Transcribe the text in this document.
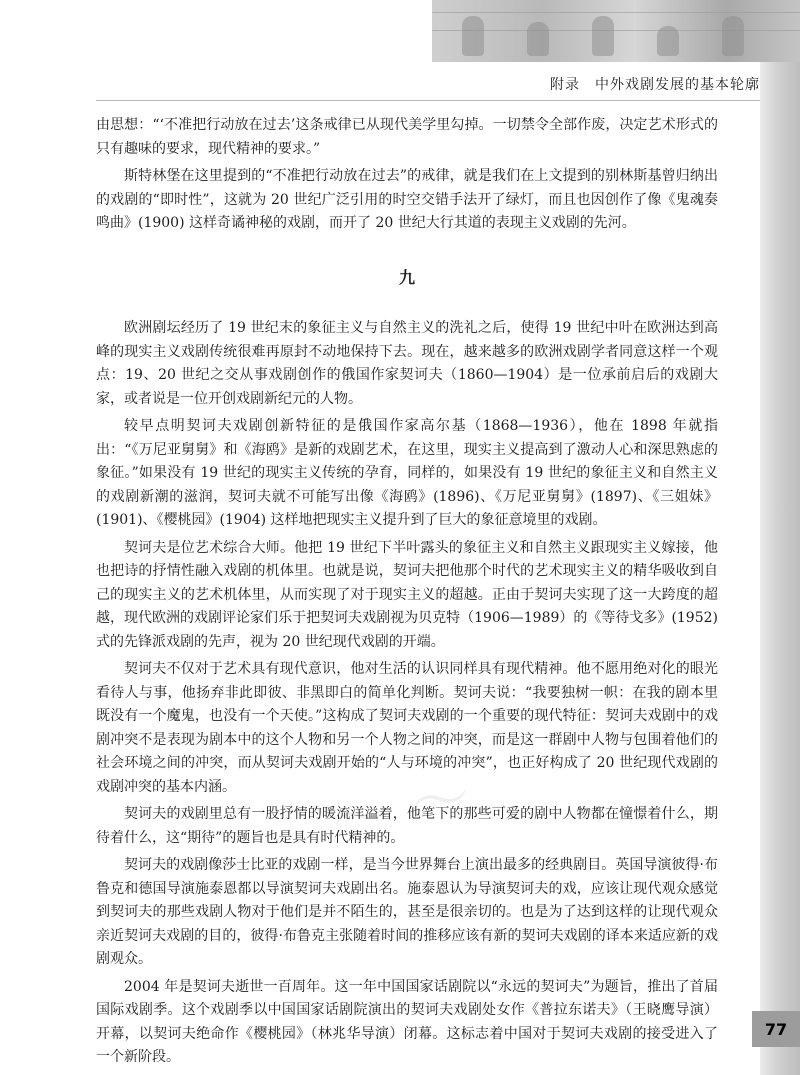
附录　中外戏剧发展的基本轮廓
〜〜

由思想：“‘不准把行动放在过去’这条戒律已从现代美学里勾掉。一切禁令全部作废，决定艺术形式的只有趣味的要求，现代精神的要求。”

斯特林堡在这里提到的“不准把行动放在过去”的戒律，就是我们在上文提到的别林斯基曾归纳出的戏剧的“即时性”，这就为 20 世纪广泛引用的时空交错手法开了绿灯，而且也因创作了像《鬼魂奏鸣曲》(1900) 这样奇谲神秘的戏剧，而开了 20 世纪大行其道的表现主义戏剧的先河。

九

欧洲剧坛经历了 19 世纪末的象征主义与自然主义的洗礼之后，使得 19 世纪中叶在欧洲达到高峰的现实主义戏剧传统很难再原封不动地保持下去。现在，越来越多的欧洲戏剧学者同意这样一个观点：19、20 世纪之交从事戏剧创作的俄国作家契诃夫（1860—1904）是一位承前启后的戏剧大家，或者说是一位开创戏剧新纪元的人物。

较早点明契诃夫戏剧创新特征的是俄国作家高尔基（1868—1936），他在 1898 年就指出：“《万尼亚舅舅》和《海鸥》是新的戏剧艺术，在这里，现实主义提高到了激动人心和深思熟虑的象征。”如果没有 19 世纪的现实主义传统的孕育，同样的，如果没有 19 世纪的象征主义和自然主义的戏剧新潮的滋润，契诃夫就不可能写出像《海鸥》(1896)、《万尼亚舅舅》(1897)、《三姐妹》(1901)、《樱桃园》(1904) 这样地把现实主义提升到了巨大的象征意境里的戏剧。

契诃夫是位艺术综合大师。他把 19 世纪下半叶露头的象征主义和自然主义跟现实主义嫁接，他也把诗的抒情性融入戏剧的机体里。也就是说，契诃夫把他那个时代的艺术现实主义的精华吸收到自己的现实主义的艺术机体里，从而实现了对于现实主义的超越。正由于契诃夫实现了这一大跨度的超越，现代欧洲的戏剧评论家们乐于把契诃夫戏剧视为贝克特（1906—1989）的《等待戈多》(1952) 式的先锋派戏剧的先声，视为 20 世纪现代戏剧的开端。

契诃夫不仅对于艺术具有现代意识，他对生活的认识同样具有现代精神。他不愿用绝对化的眼光看待人与事，他扬弃非此即彼、非黑即白的简单化判断。契诃夫说：“我要独树一帜：在我的剧本里既没有一个魔鬼，也没有一个天使。”这构成了契诃夫戏剧的一个重要的现代特征：契诃夫戏剧中的戏剧冲突不是表现为剧本中的这个人物和另一个人物之间的冲突，而是这一群剧中人物与包围着他们的社会环境之间的冲突，而从契诃夫戏剧开始的“人与环境的冲突”，也正好构成了 20 世纪现代戏剧的戏剧冲突的基本内涵。

契诃夫的戏剧里总有一股抒情的暖流洋溢着，他笔下的那些可爱的剧中人物都在憧憬着什么，期待着什么，这“期待”的题旨也是具有时代精神的。

契诃夫的戏剧像莎士比亚的戏剧一样，是当今世界舞台上演出最多的经典剧目。英国导演彼得·布鲁克和德国导演施泰恩都以导演契诃夫戏剧出名。施泰恩认为导演契诃夫的戏，应该让现代观众感觉到契诃夫的那些戏剧人物对于他们是并不陌生的，甚至是很亲切的。也是为了达到这样的让现代观众亲近契诃夫戏剧的目的，彼得·布鲁克主张随着时间的推移应该有新的契诃夫戏剧的译本来适应新的戏剧观众。

2004 年是契诃夫逝世一百周年。这一年中国国家话剧院以“永远的契诃夫”为题旨，推出了首届国际戏剧季。这个戏剧季以中国国家话剧院演出的契诃夫戏剧处女作《普拉东诺夫》（王晓鹰导演）开幕，以契诃夫绝命作《樱桃园》（林兆华导演）闭幕。这标志着中国对于契诃夫戏剧的接受进入了一个新阶段。

77
